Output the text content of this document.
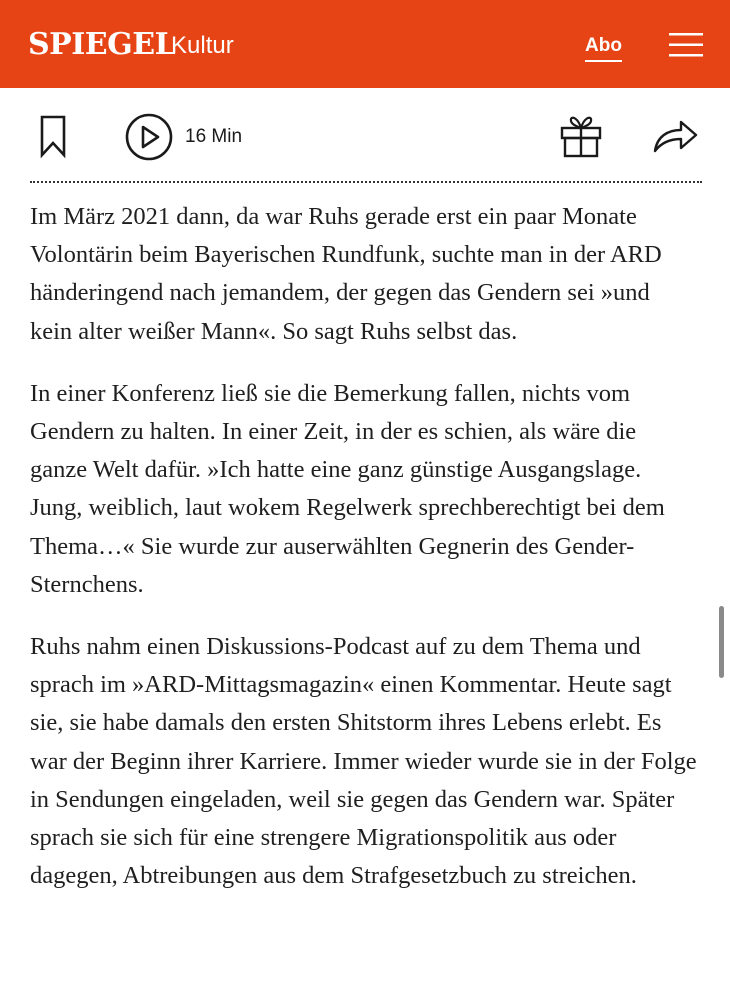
SPIEGEL
Kultur	Abo
16 Min

Im März 2021 dann, da war Ruhs gerade erst ein paar Monate Volontärin beim Bayerischen Rundfunk, suchte man in der ARD händeringend nach jemandem, der gegen das Gendern sei »und kein alter weißer Mann«. So sagt Ruhs selbst das.

In einer Konferenz ließ sie die Bemerkung fallen, nichts vom Gendern zu halten. In einer Zeit, in der es schien, als wäre die ganze Welt dafür. »Ich hatte eine ganz günstige Ausgangslage. Jung, weiblich, laut wokem Regelwerk sprechberechtigt bei dem Thema…« Sie wurde zur auserwählten Gegnerin des Gender-Sternchens.

Ruhs nahm einen Diskussions-Podcast auf zu dem Thema und sprach im »ARD-Mittagsmagazin« einen Kommentar. Heute sagt sie, sie habe damals den ersten Shitstorm ihres Lebens erlebt. Es war der Beginn ihrer Karriere. Immer wieder wurde sie in der Folge in Sendungen eingeladen, weil sie gegen das Gendern war. Später sprach sie sich für eine strengere Migrationspolitik aus oder dagegen, Abtreibungen aus dem Strafgesetzbuch zu streichen.
